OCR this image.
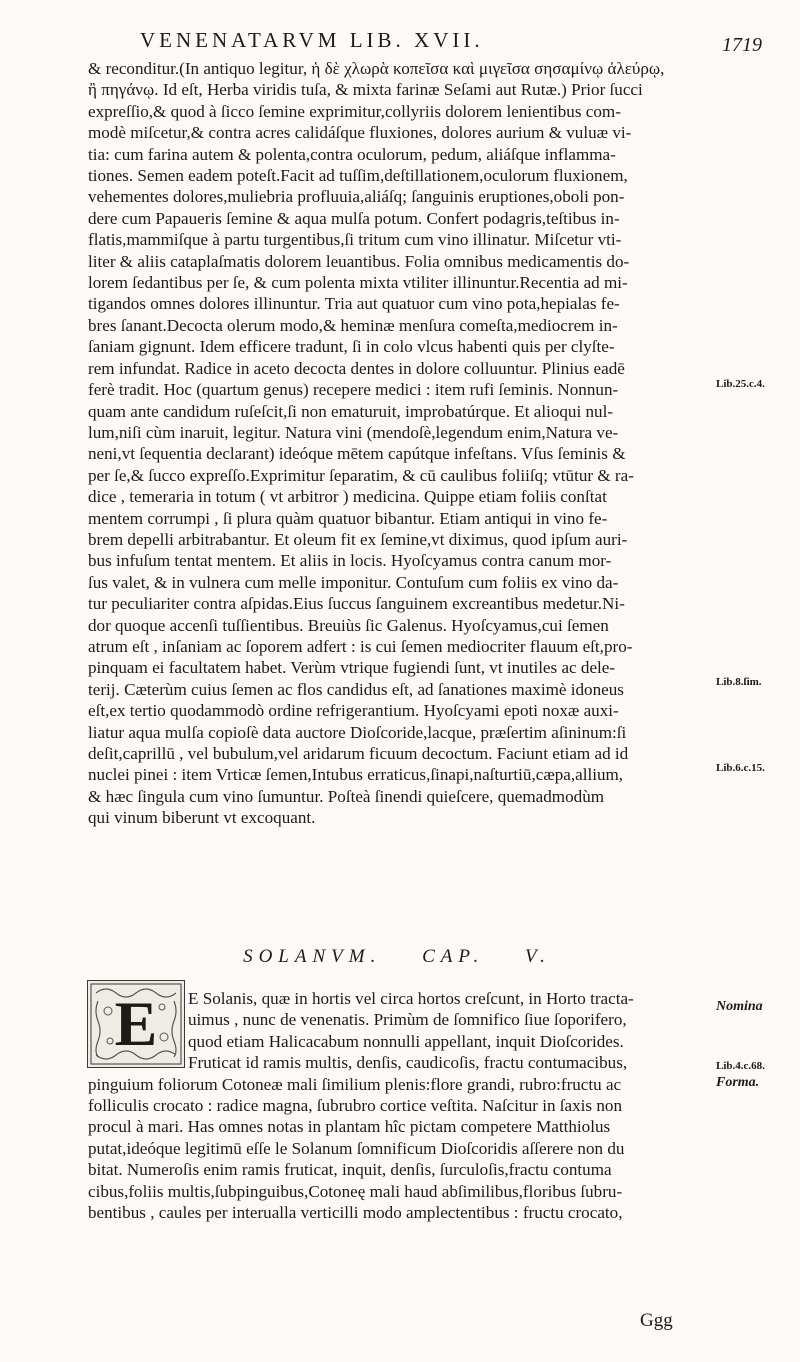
VENENATARVM LIB. XVII.	1719

& reconditur.(In antiquo legitur, ἡ δὲ χλωρὰ κοπεῖσα καὶ μιγεῖσα σησαμίνῳ ἀλεύρῳ,
ἢ πηγάνῳ. Id eſt, Herba viridis tuſa, & mixta farinæ Seſami aut Rutæ.) Prior ſucci
expreſſio,& quod à ſicco ſemine exprimitur,collyriis dolorem lenientibus com-
modè miſcetur,& contra acres calidáſque fluxiones, dolores aurium & vuluæ vi-
tia: cum farina autem & polenta,contra oculorum, pedum, aliáſque inflamma-
tiones. Semen eadem poteſt.Facit ad tuſſim,deſtillationem,oculorum fluxionem,
vehementes dolores,muliebria profluuia,aliáſq; ſanguinis eruptiones,oboli pon-
dere cum Papaueris ſemine & aqua mulſa potum. Confert podagris,teſtibus in-
flatis,mammiſque à partu turgentibus,ſi tritum cum vino illinatur. Miſcetur vti-
liter & aliis cataplaſmatis dolorem leuantibus. Folia omnibus medicamentis do-
lorem ſedantibus per ſe, & cum polenta mixta vtiliter illinuntur.Recentia ad mi-
tigandos omnes dolores illinuntur. Tria aut quatuor cum vino pota,hepialas fe-
bres ſanant.Decocta olerum modo,& heminæ menſura comeſta,mediocrem in-
ſaniam gignunt. Idem efficere tradunt, ſi in colo vlcus habenti quis per clyſte-
rem infundat. Radice in aceto decocta dentes in dolore colluuntur. Plinius eadē
ferè tradit. Hoc (quartum genus) recepere medici : item rufi ſeminis. Nonnun-
quam ante candidum ruſeſcit,ſi non ematuruit, improbatúrque. Et alioqui nul-
lum,niſi cùm inaruit, legitur. Natura vini (mendoſè,legendum enim,Natura ve-
neni,vt ſequentia declarant) ideóque mētem capútque infeſtans. Vſus ſeminis &
per ſe,& ſucco expreſſo.Exprimitur ſeparatim, & cū caulibus foliiſq; vtūtur & ra-
dice , temeraria in totum ( vt arbitror ) medicina. Quippe etiam foliis conſtat
mentem corrumpi , ſi plura quàm quatuor bibantur. Etiam antiqui in vino fe-
brem depelli arbitrabantur. Et oleum fit ex ſemine,vt diximus, quod ipſum auri-
bus infuſum tentat mentem. Et aliis in locis. Hyoſcyamus contra canum mor-
ſus valet, & in vulnera cum melle imponitur. Contuſum cum foliis ex vino da-
tur peculiariter contra aſpidas.Eius ſuccus ſanguinem excreantibus medetur.Ni-
dor quoque accenſi tuſſientibus. Breuiùs ſic Galenus. Hyoſcyamus,cui ſemen
atrum eſt , inſaniam ac ſoporem adfert : is cui ſemen mediocriter flauum eſt,pro-
pinquam ei facultatem habet. Verùm vtrique fugiendi ſunt, vt inutiles ac dele-
terij. Cæterùm cuius ſemen ac flos candidus eſt, ad ſanationes maximè idoneus
eſt,ex tertio quodammodò ordine refrigerantium. Hyoſcyami epoti noxæ auxi-
liatur aqua mulſa copioſè data auctore Dioſcoride,lacque, præſertim aſininum:ſi
deſit,caprillū , vel bubulum,vel aridarum ficuum decoctum. Faciunt etiam ad id
nuclei pinei : item Vrticæ ſemen,Intubus erraticus,ſinapi,naſturtiū,cæpa,allium,
& hæc ſingula cum vino ſumuntur. Poſteà ſinendi quieſcere, quemadmodùm
qui vinum biberunt vt excoquant.

Lib.25.c.4.
Lib.8.ſim.
Lib.6.c.15.
SOLANVM. CAP. V.
E	E Solanis, quæ in hortis vel circa hortos creſcunt, in Horto tracta-
uimus , nunc de venenatis. Primùm de ſomnifico ſiue ſoporifero,
quod etiam Halicacabum nonnulli appellant, inquit Dioſcorides.
Fruticat id ramis multis, denſis, caudicoſis, fractu contumacibus,
pinguium foliorum Cotoneæ mali ſimilium plenis:flore grandi, rubro:fructu ac
folliculis crocato : radice magna, ſubrubro cortice veſtita. Naſcitur in ſaxis non
procul à mari. Has omnes notas in plantam hîc pictam competere Matthiolus
putat,ideóque legitimū eſſe le Solanum ſomnificum Dioſcoridis aſſerere non du
bitat. Numeroſis enim ramis fruticat, inquit, denſis, ſurculoſis,fractu contuma
cibus,foliis multis,ſubpinguibus,Cotoneę mali haud abſimilibus,floribus ſubru-
bentibus , caules per interualla verticilli modo amplectentibus : fructu crocato,
Nomina
Lib.4.c.68.
Forma.
Ggg
